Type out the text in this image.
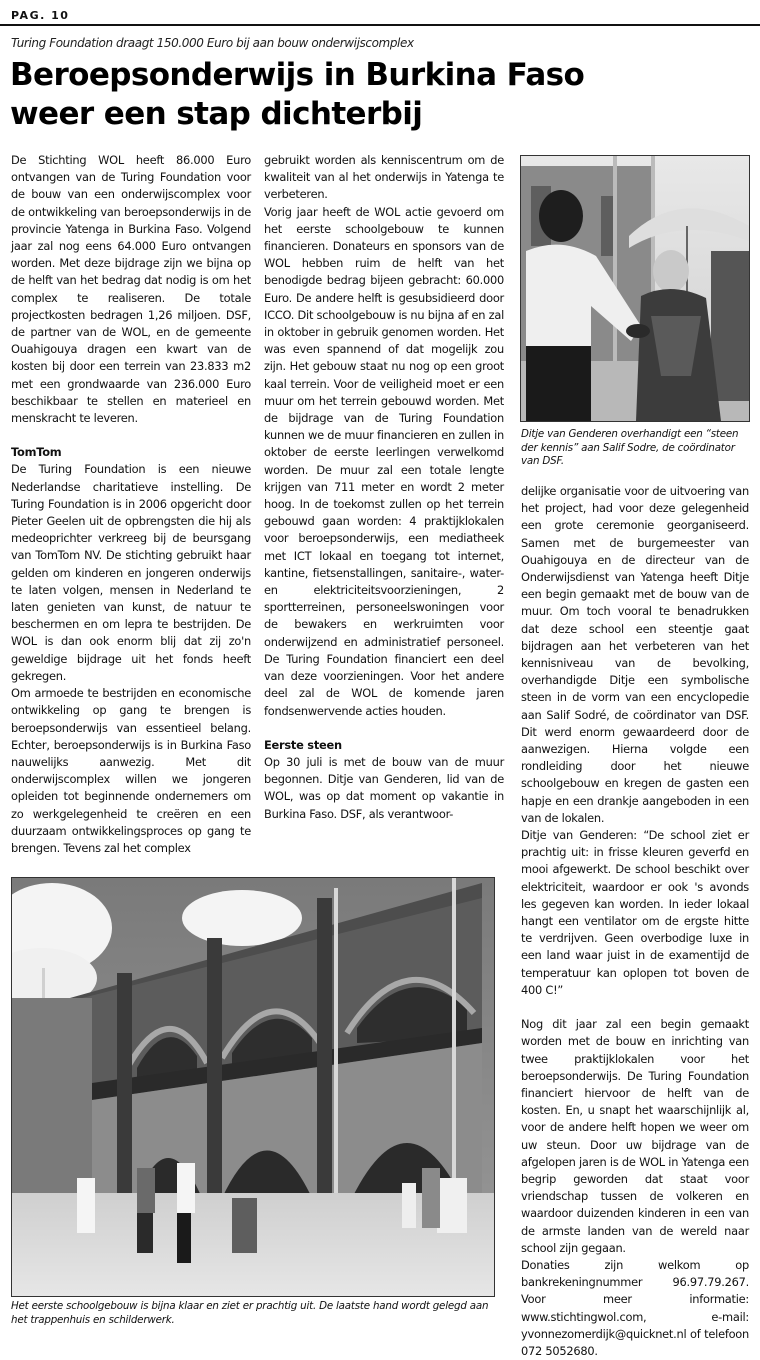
PAG. 10
Turing Foundation draagt 150.000 Euro bij aan bouw onderwijscomplex
Beroepsonderwijs in Burkina Faso
weer een stap dichterbij

De Stichting WOL heeft 86.000 Euro ontvangen van de Turing Foundation voor de bouw van een onderwijscomplex voor de ontwikkeling van beroepsonderwijs in de provincie Yatenga in Burkina Faso. Volgend jaar zal nog eens 64.000 Euro ontvangen worden. Met deze bijdrage zijn we bijna op de helft van het bedrag dat nodig is om het complex te realiseren. De totale projectkosten bedragen 1,26 miljoen. DSF, de partner van de WOL, en de gemeente Ouahigouya dragen een kwart van de kosten bij door een terrein van 23.833 m2 met een grondwaarde van 236.000 Euro beschikbaar te stellen en materieel en menskracht te leveren.

TomTom

De Turing Foundation is een nieuwe Nederlandse charitatieve instelling. De Turing Foundation is in 2006 opgericht door Pieter Geelen uit de opbrengsten die hij als medeoprichter verkreeg bij de beursgang van TomTom NV. De stichting gebruikt haar gelden om kinderen en jongeren onderwijs te laten volgen, mensen in Nederland te laten genieten van kunst, de natuur te beschermen en om lepra te bestrijden. De WOL is dan ook enorm blij dat zij zo'n geweldige bijdrage uit het fonds heeft gekregen.

Om armoede te bestrijden en economische ontwikkeling op gang te brengen is beroepsonderwijs van essentieel belang. Echter, beroepsonderwijs is in Burkina Faso nauwelijks aanwezig. Met dit onderwijscomplex willen we jongeren opleiden tot beginnende ondernemers om zo werkgelegenheid te creëren en een duurzaam ontwikkelingsproces op gang te brengen. Tevens zal het complex

gebruikt worden als kenniscentrum om de kwaliteit van al het onderwijs in Yatenga te verbeteren.

Vorig jaar heeft de WOL actie gevoerd om het eerste schoolgebouw te kunnen financieren. Donateurs en sponsors van de WOL hebben ruim de helft van het benodigde bedrag bijeen gebracht: 60.000 Euro. De andere helft is gesubsidieerd door ICCO. Dit schoolgebouw is nu bijna af en zal in oktober in gebruik genomen worden. Het was even spannend of dat mogelijk zou zijn. Het gebouw staat nu nog op een groot kaal terrein. Voor de veiligheid moet er een muur om het terrein gebouwd worden. Met de bijdrage van de Turing Foundation kunnen we de muur financieren en zullen in oktober de eerste leerlingen verwelkomd worden. De muur zal een totale lengte krijgen van 711 meter en wordt 2 meter hoog. In de toekomst zullen op het terrein gebouwd gaan worden: 4 praktijklokalen voor beroepsonderwijs, een mediatheek met ICT lokaal en toegang tot internet, kantine, fietsenstallingen, sanitaire-, water- en elektriciteitsvoorzieningen, 2 sportterreinen, personeelswoningen voor de bewakers en werkruimten voor onderwijzend en administratief personeel. De Turing Foundation financiert een deel van deze voorzieningen. Voor het andere deel zal de WOL de komende jaren fondsenwervende acties houden.

Eerste steen

Op 30 juli is met de bouw van de muur begonnen. Ditje van Genderen, lid van de WOL, was op dat moment op vakantie in Burkina Faso. DSF, als verantwoor-

Ditje van Genderen overhandigt een “steen der kennis” aan Salif Sodre, de coördinator van DSF.

delijke organisatie voor de uitvoering van het project, had voor deze gelegenheid een grote ceremonie georganiseerd. Samen met de burgemeester van Ouahigouya en de directeur van de Onderwijsdienst van Yatenga heeft Ditje een begin gemaakt met de bouw van de muur. Om toch vooral te benadrukken dat deze school een steentje gaat bijdragen aan het verbeteren van het kennisniveau van de bevolking, overhandigde Ditje een symbolische steen in de vorm van een encyclopedie aan Salif Sodré, de coördinator van DSF. Dit werd enorm gewaardeerd door de aanwezigen. Hierna volgde een rondleiding door het nieuwe schoolgebouw en kregen de gasten een hapje en een drankje aangeboden in een van de lokalen.

Ditje van Genderen: “De school ziet er prachtig uit: in frisse kleuren geverfd en mooi afgewerkt. De school beschikt over elektriciteit, waardoor er ook 's avonds les gegeven kan worden. In ieder lokaal hangt een ventilator om de ergste hitte te verdrijven. Geen overbodige luxe in een land waar juist in de examentijd de temperatuur kan oplopen tot boven de 400 C!”

Nog dit jaar zal een begin gemaakt worden met de bouw en inrichting van twee praktijklokalen voor het beroepsonderwijs. De Turing Foundation financiert hiervoor de helft van de kosten. En, u snapt het waarschijnlijk al, voor de andere helft hopen we weer om uw steun. Door uw bijdrage van de afgelopen jaren is de WOL in Yatenga een begrip geworden dat staat voor vriendschap tussen de volkeren en waardoor duizenden kinderen in een van de armste landen van de wereld naar school zijn gegaan.

Donaties zijn welkom op bankrekeningnummer 96.97.79.267. Voor meer informatie: www.stichtingwol.com, e-mail: yvonnezomerdijk@quicknet.nl of telefoon 072 5052680.

Het eerste schoolgebouw is bijna klaar en ziet er prachtig uit. De laatste hand wordt gelegd aan het trappenhuis en schilderwerk.
